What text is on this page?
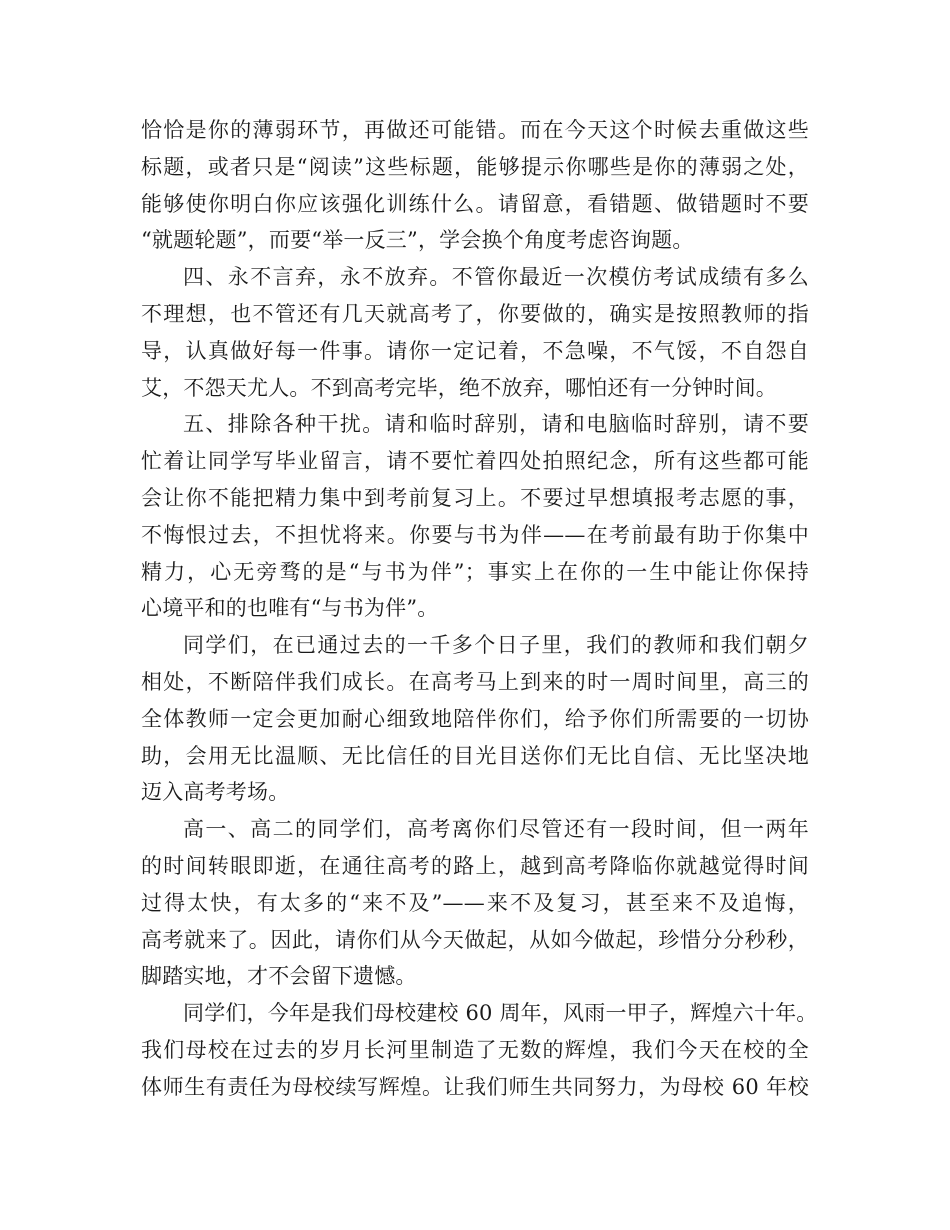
恰恰是你的薄弱环节，再做还可能错。而在今天这个时候去重做这些
标题，或者只是“阅读”这些标题，能够提示你哪些是你的薄弱之处，
能够使你明白你应该强化训练什么。请留意，看错题、做错题时不要
“就题轮题”，而要“举一反三”，学会换个角度考虑咨询题。
四、永不言弃，永不放弃。不管你最近一次模仿考试成绩有多么
不理想，也不管还有几天就高考了，你要做的，确实是按照教师的指
导，认真做好每一件事。请你一定记着，不急噪，不气馁，不自怨自
艾，不怨天尤人。不到高考完毕，绝不放弃，哪怕还有一分钟时间。
五、排除各种干扰。请和临时辞别，请和电脑临时辞别，请不要
忙着让同学写毕业留言，请不要忙着四处拍照纪念，所有这些都可能
会让你不能把精力集中到考前复习上。不要过早想填报考志愿的事，
不悔恨过去，不担忧将来。你要与书为伴——在考前最有助于你集中
精力，心无旁骛的是“与书为伴”；事实上在你的一生中能让你保持
心境平和的也唯有“与书为伴”。
同学们，在已通过去的一千多个日子里，我们的教师和我们朝夕
相处，不断陪伴我们成长。在高考马上到来的时一周时间里，高三的
全体教师一定会更加耐心细致地陪伴你们，给予你们所需要的一切协
助，会用无比温顺、无比信任的目光目送你们无比自信、无比坚决地
迈入高考考场。
高一、高二的同学们，高考离你们尽管还有一段时间，但一两年
的时间转眼即逝，在通往高考的路上，越到高考降临你就越觉得时间
过得太快，有太多的“来不及”——来不及复习，甚至来不及追悔，
高考就来了。因此，请你们从今天做起，从如今做起，珍惜分分秒秒，
脚踏实地，才不会留下遗憾。
同学们，今年是我们母校建校 60 周年，风雨一甲子，辉煌六十年。
我们母校在过去的岁月长河里制造了无数的辉煌，我们今天在校的全
体师生有责任为母校续写辉煌。让我们师生共同努力，为母校 60 年校
